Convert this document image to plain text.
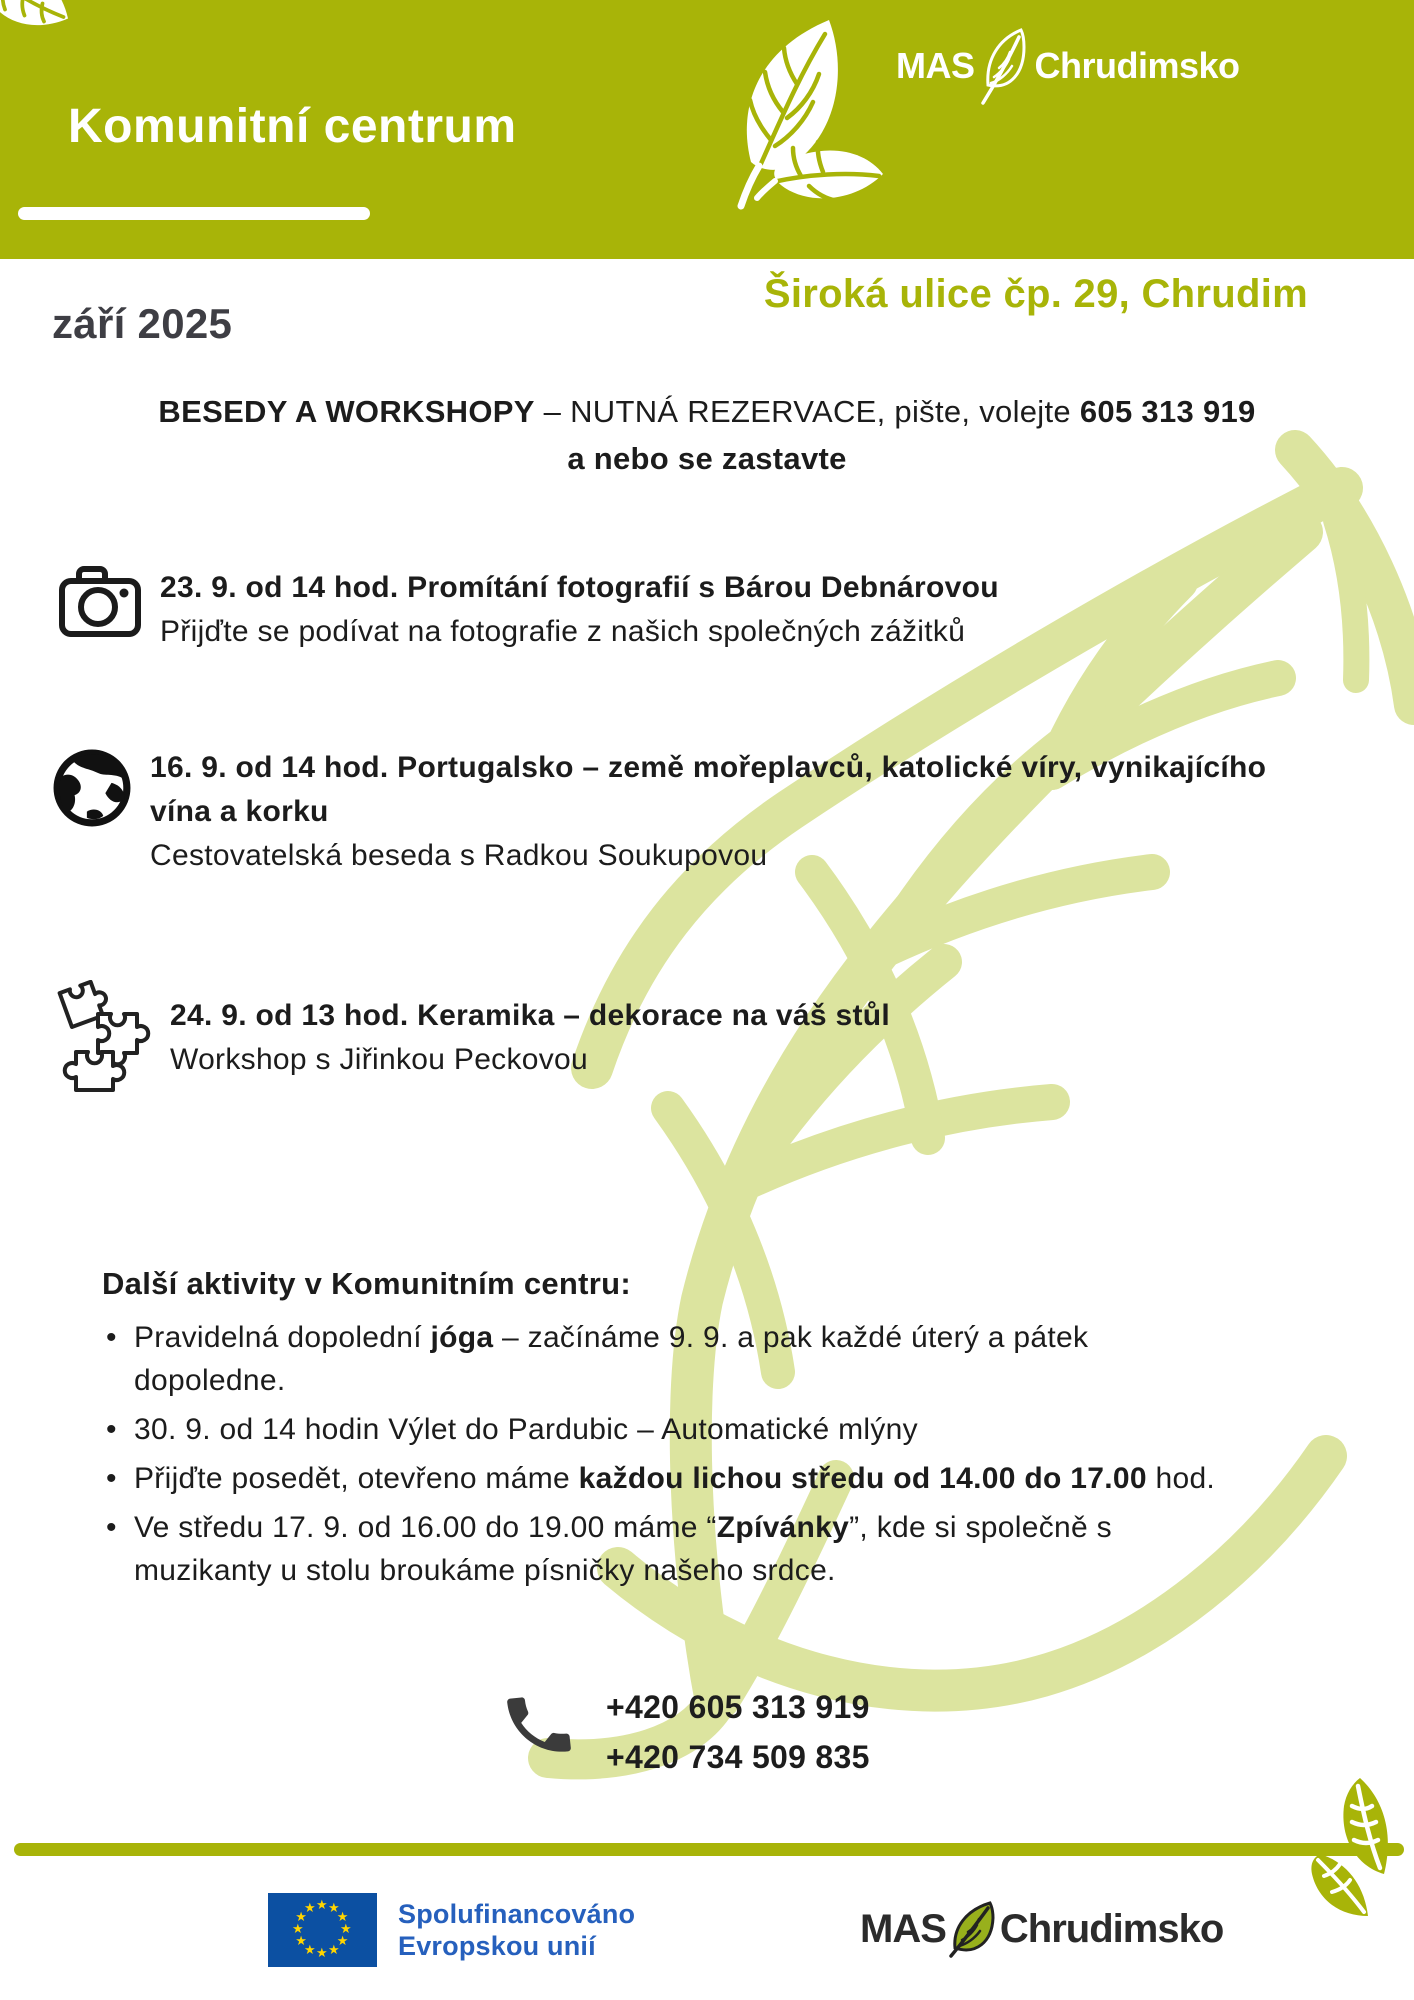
Komunitní centrum
MAS Chrudimsko
září 2025
Široká ulice čp. 29, Chrudim
BESEDY A WORKSHOPY – NUTNÁ REZERVACE, pište, volejte 605 313 919
a nebo se zastavte
23. 9. od 14 hod. Promítání fotografií s Bárou Debnárovou
Přijďte se podívat na fotografie z našich společných zážitků
16. 9. od 14 hod. Portugalsko – země mořeplavců, katolické víry, vynikajícího vína a korku
Cestovatelská beseda s Radkou Soukupovou
24. 9. od 13 hod. Keramika – dekorace na váš stůl
Workshop s Jiřinkou Peckovou

Další aktivity v Komunitním centru:

• Pravidelná dopolední jóga – začínáme 9. 9. a pak každé úterý a pátek dopoledne.
• 30. 9. od 14 hodin Výlet do Pardubic – Automatické mlýny
• Přijďte posedět, otevřeno máme každou lichou středu od 14.00 do 17.00 hod.
• Ve středu 17. 9. od 16.00 do 19.00 máme “Zpívánky”, kde si společně s muzikanty u stolu broukáme písničky našeho srdce.
+420 605 313 919
+420 734 509 835
★ ★
★
★
★
★
★
★
★
★
★
★	Spolufinancováno
Evropskou unií	MAS Chrudimsko
